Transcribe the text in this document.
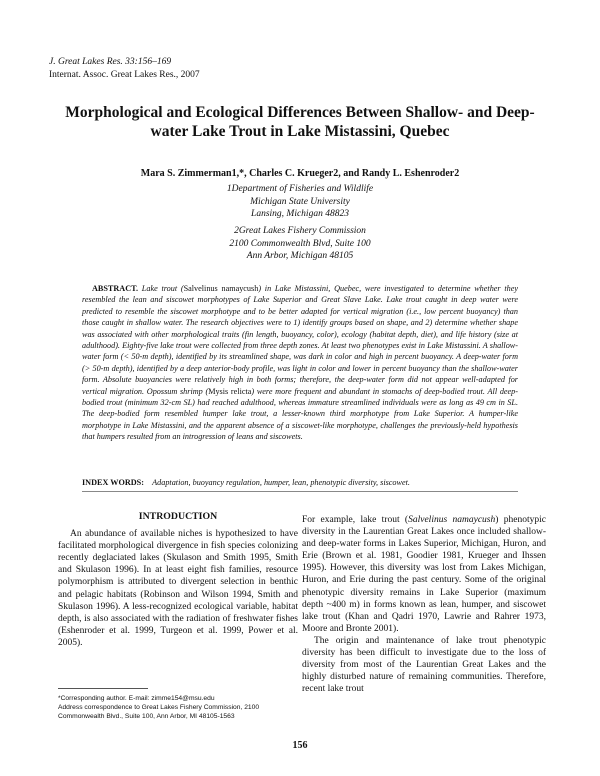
J. Great Lakes Res. 33:156–169
Internat. Assoc. Great Lakes Res., 2007
Morphological and Ecological Differences Between Shallow- and Deep-water Lake Trout in Lake Mistassini, Quebec
Mara S. Zimmerman1,*, Charles C. Krueger2, and Randy L. Eshenroder2
1Department of Fisheries and Wildlife
Michigan State University
Lansing, Michigan 48823
2Great Lakes Fishery Commission
2100 Commonwealth Blvd, Suite 100
Ann Arbor, Michigan 48105
ABSTRACT. Lake trout (Salvelinus namaycush) in Lake Mistassini, Quebec, were investigated to determine whether they resembled the lean and siscowet morphotypes of Lake Superior and Great Slave Lake. Lake trout caught in deep water were predicted to resemble the siscowet morphotype and to be better adapted for vertical migration (i.e., low percent buoyancy) than those caught in shallow water. The research objectives were to 1) identify groups based on shape, and 2) determine whether shape was associated with other morphological traits (fin length, buoyancy, color), ecology (habitat depth, diet), and life history (size at adulthood). Eighty-five lake trout were collected from three depth zones. At least two phenotypes exist in Lake Mistassini. A shallow-water form (< 50-m depth), identified by its streamlined shape, was dark in color and high in percent buoyancy. A deep-water form (> 50-m depth), identified by a deep anterior-body profile, was light in color and lower in percent buoyancy than the shallow-water form. Absolute buoyancies were relatively high in both forms; therefore, the deep-water form did not appear well-adapted for vertical migration. Opossum shrimp (Mysis relicta) were more frequent and abundant in stomachs of deep-bodied trout. All deep-bodied trout (minimum 32-cm SL) had reached adulthood, whereas immature streamlined individuals were as long as 49 cm in SL. The deep-bodied form resembled humper lake trout, a lesser-known third morphotype from Lake Superior. A humper-like morphotype in Lake Mistassini, and the apparent absence of a siscowet-like morphotype, challenges the previously-held hypothesis that humpers resulted from an introgression of leans and siscowets.
INDEX WORDS: Adaptation, buoyancy regulation, humper, lean, phenotypic diversity, siscowet.
INTRODUCTION

An abundance of available niches is hypothesized to have facilitated morphological divergence in fish species colonizing recently deglaciated lakes (Skulason and Smith 1995, Smith and Skulason 1996). In at least eight fish families, resource polymorphism is attributed to divergent selection in benthic and pelagic habitats (Robinson and Wilson 1994, Smith and Skulason 1996). A less-recognized ecological variable, habitat depth, is also associated with the radiation of freshwater fishes (Eshenroder et al. 1999, Turgeon et al. 1999, Power et al. 2005).

For example, lake trout (Salvelinus namaycush) phenotypic diversity in the Laurentian Great Lakes once included shallow- and deep-water forms in Lakes Superior, Michigan, Huron, and Erie (Brown et al. 1981, Goodier 1981, Krueger and Ihssen 1995). However, this diversity was lost from Lakes Michigan, Huron, and Erie during the past century. Some of the original phenotypic diversity remains in Lake Superior (maximum depth ~400 m) in forms known as lean, humper, and siscowet lake trout (Khan and Qadri 1970, Lawrie and Rahrer 1973, Moore and Bronte 2001).

The origin and maintenance of lake trout phenotypic diversity has been difficult to investigate due to the loss of diversity from most of the Laurentian Great Lakes and the highly disturbed nature of remaining communities. Therefore, recent lake trout

*Corresponding author. E-mail: zimme154@msu.edu
Address correspondence to Great Lakes Fishery Commission, 2100 Commonwealth Blvd., Suite 100, Ann Arbor, MI 48105-1563
156
